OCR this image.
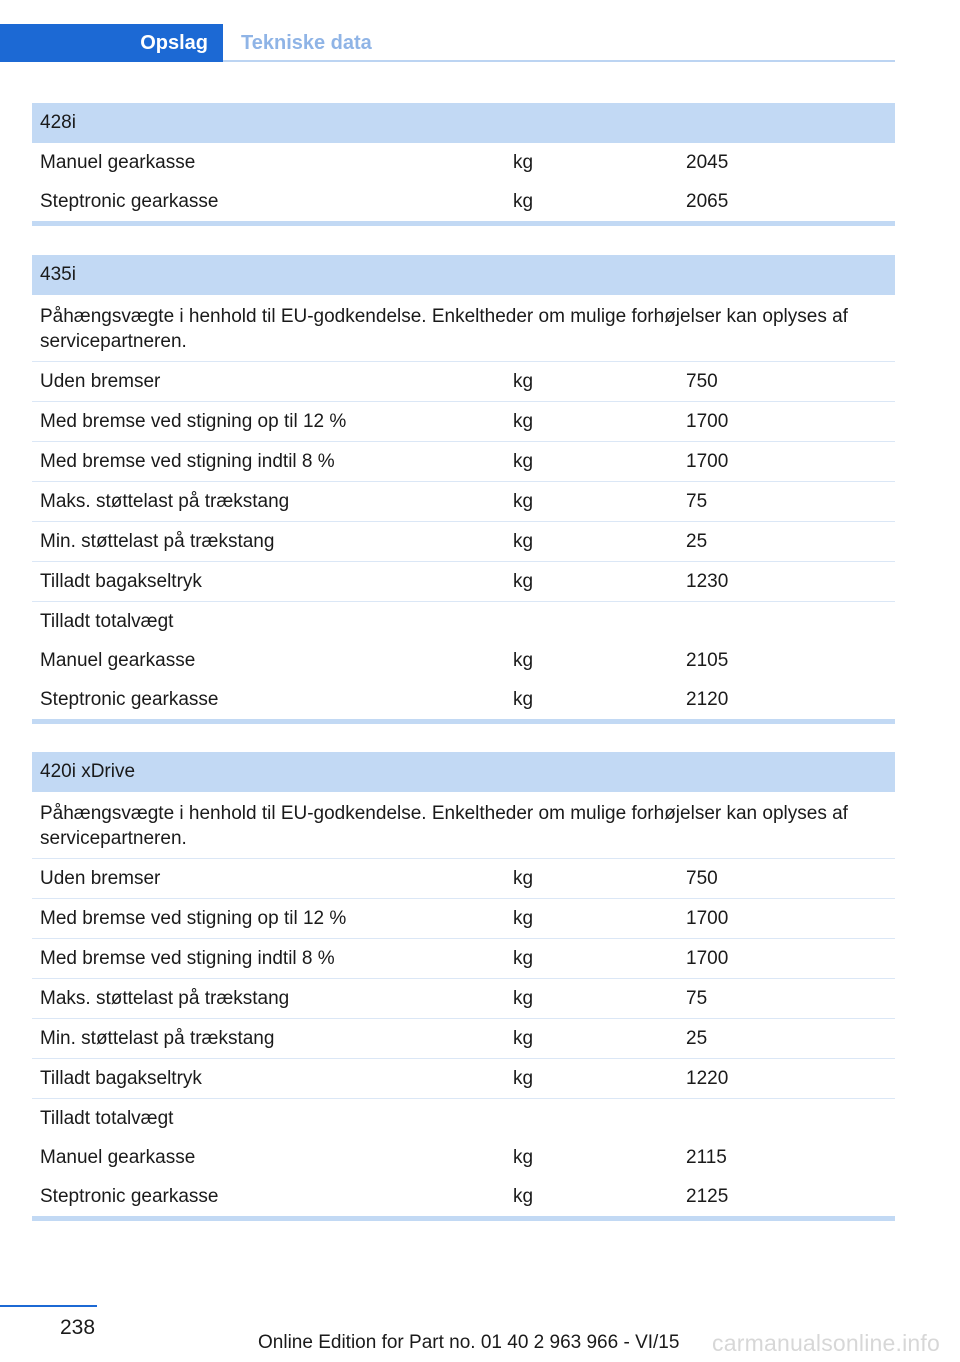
Opslag	Tekniske data
428i
Manuel gearkasse	kg	2045
Steptronic gearkasse	kg	2065
435i
Påhængsvægte i henhold til EU-godkendelse. Enkeltheder om mulige forhøjelser kan oplyses af servicepartneren.
Uden bremser	kg	750
Med bremse ved stigning op til 12 %	kg	1700
Med bremse ved stigning indtil 8 %	kg	1700
Maks. støttelast på trækstang	kg	75
Min. støttelast på trækstang	kg	25
Tilladt bagakseltryk	kg	1230
Tilladt totalvægt
Manuel gearkasse	kg	2105
Steptronic gearkasse	kg	2120
420i xDrive
Påhængsvægte i henhold til EU-godkendelse. Enkeltheder om mulige forhøjelser kan oplyses af servicepartneren.
Uden bremser	kg	750
Med bremse ved stigning op til 12 %	kg	1700
Med bremse ved stigning indtil 8 %	kg	1700
Maks. støttelast på trækstang	kg	75
Min. støttelast på trækstang	kg	25
Tilladt bagakseltryk	kg	1220
Tilladt totalvægt
Manuel gearkasse	kg	2115
Steptronic gearkasse	kg	2125
238
Online Edition for Part no. 01 40 2 963 966 - VI/15 carmanualsonline.info
